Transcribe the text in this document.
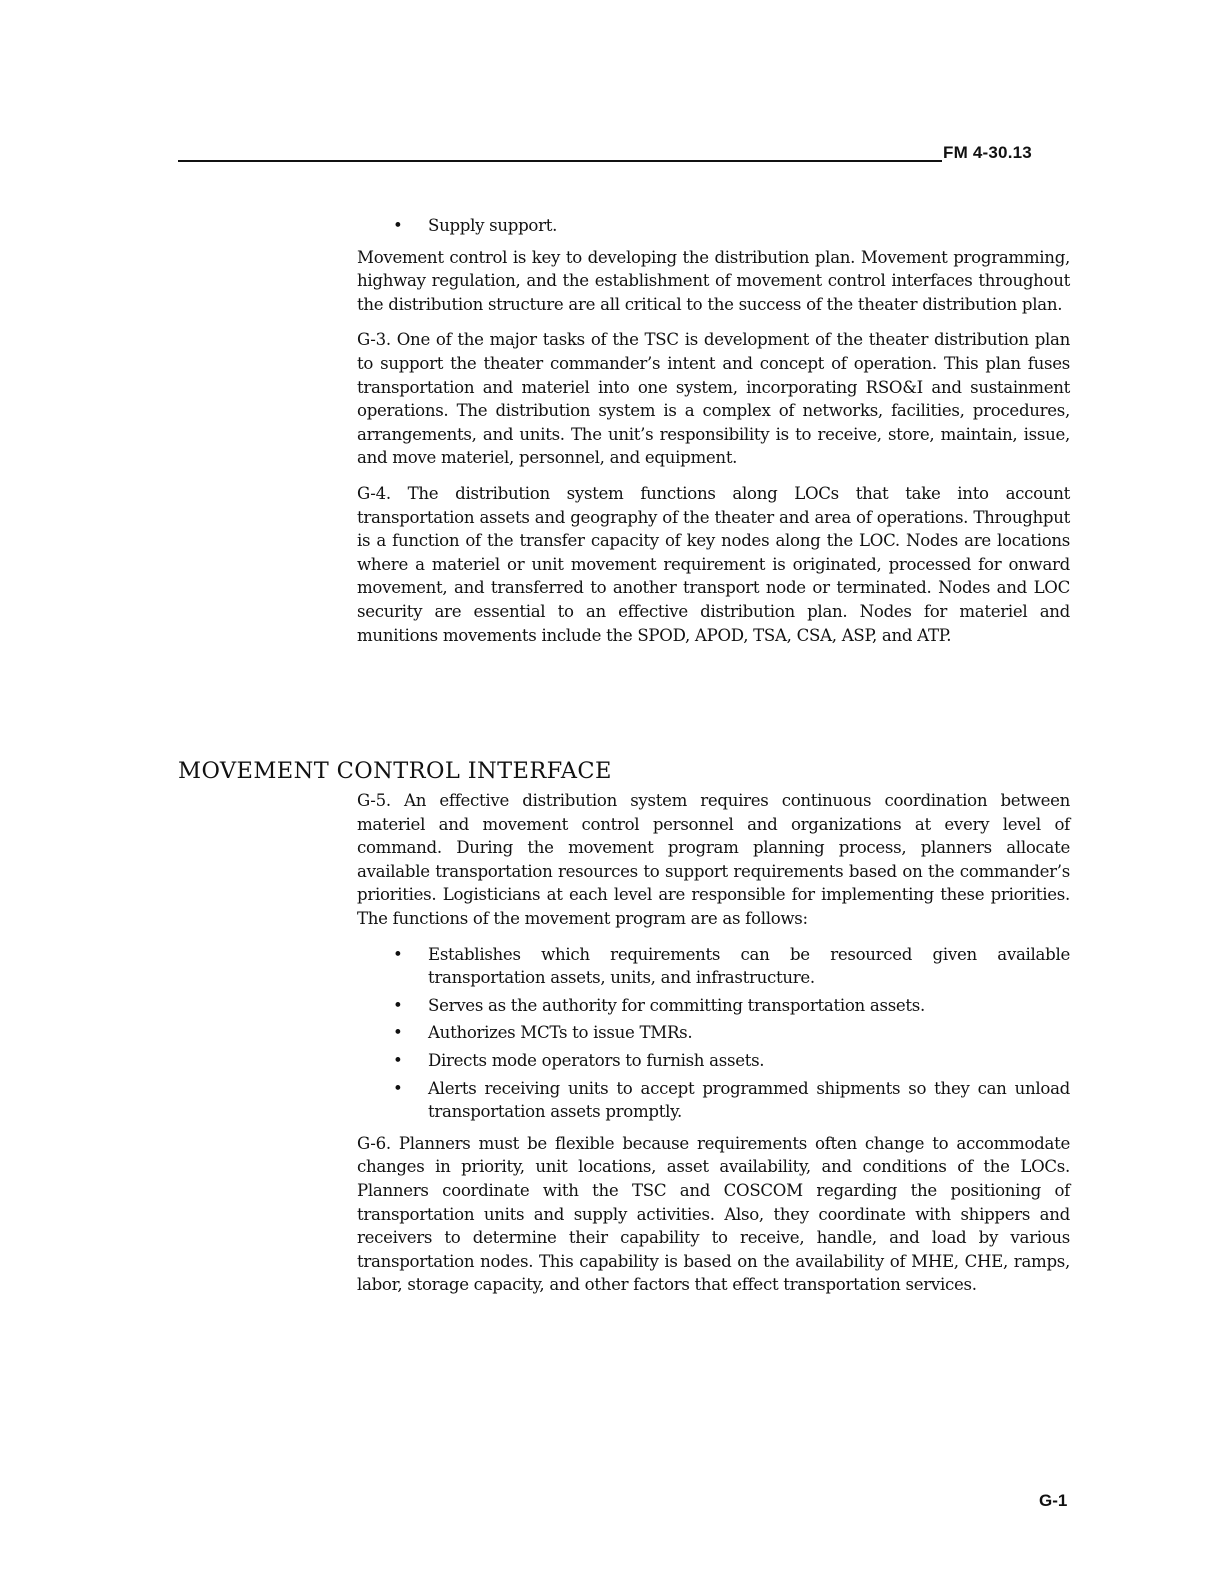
FM 4-30.13
• Supply support.

Movement control is key to developing the distribution plan. Movement programming, highway regulation, and the establishment of movement control interfaces throughout the distribution structure are all critical to the success of the theater distribution plan.

G-3. One of the major tasks of the TSC is development of the theater distribution plan to support the theater commander’s intent and concept of operation. This plan fuses transportation and materiel into one system, incorporating RSO&I and sustainment operations. The distribution system is a complex of networks, facilities, procedures, arrangements, and units. The unit’s responsibility is to receive, store, maintain, issue, and move materiel, personnel, and equipment.

G-4. The distribution system functions along LOCs that take into account transportation assets and geography of the theater and area of operations. Throughput is a function of the transfer capacity of key nodes along the LOC. Nodes are locations where a materiel or unit movement requirement is originated, processed for onward movement, and transferred to another transport node or terminated. Nodes and LOC security are essential to an effective distribution plan. Nodes for materiel and munitions movements include the SPOD, APOD, TSA, CSA, ASP, and ATP.

MOVEMENT CONTROL INTERFACE

G-5. An effective distribution system requires continuous coordination between materiel and movement control personnel and organizations at every level of command. During the movement program planning process, planners allocate available transportation resources to support requirements based on the commander’s priorities. Logisticians at each level are responsible for implementing these priorities. The functions of the movement program are as follows:

• Establishes which requirements can be resourced given available transportation assets, units, and infrastructure.
• Serves as the authority for committing transportation assets.
• Authorizes MCTs to issue TMRs.
• Directs mode operators to furnish assets.
• Alerts receiving units to accept programmed shipments so they can unload transportation assets promptly.

G-6. Planners must be flexible because requirements often change to accommodate changes in priority, unit locations, asset availability, and conditions of the LOCs. Planners coordinate with the TSC and COSCOM regarding the positioning of transportation units and supply activities. Also, they coordinate with shippers and receivers to determine their capability to receive, handle, and load by various transportation nodes. This capability is based on the availability of MHE, CHE, ramps, labor, storage capacity, and other factors that effect transportation services.

G-1
